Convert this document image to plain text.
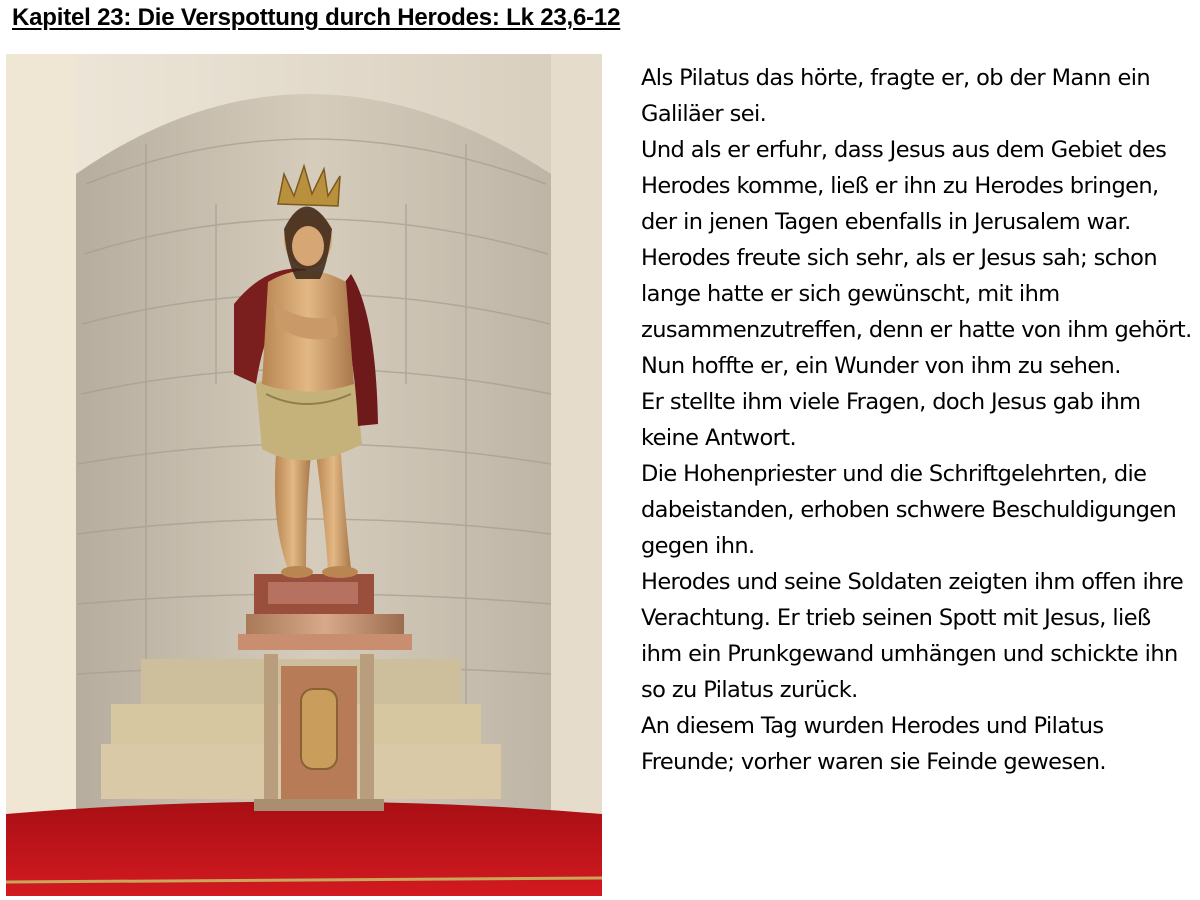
Kapitel 23: Die Verspottung durch Herodes: Lk 23,6-12

Als Pilatus das hörte, fragte er, ob der Mann ein Galiläer sei.

Und als er erfuhr, dass Jesus aus dem Gebiet des Herodes komme, ließ er ihn zu Herodes bringen, der in jenen Tagen ebenfalls in Jerusalem war.

Herodes freute sich sehr, als er Jesus sah; schon lange hatte er sich gewünscht, mit ihm zusammenzutreffen, denn er hatte von ihm gehört. Nun hoffte er, ein Wunder von ihm zu sehen.

Er stellte ihm viele Fragen, doch Jesus gab ihm keine Antwort.

Die Hohenpriester und die Schriftgelehrten, die dabeistanden, erhoben schwere Beschuldigungen gegen ihn.

Herodes und seine Soldaten zeigten ihm offen ihre Verachtung. Er trieb seinen Spott mit Jesus, ließ ihm ein Prunkgewand umhängen und schickte ihn so zu Pilatus zurück.

An diesem Tag wurden Herodes und Pilatus Freunde; vorher waren sie Feinde gewesen.
